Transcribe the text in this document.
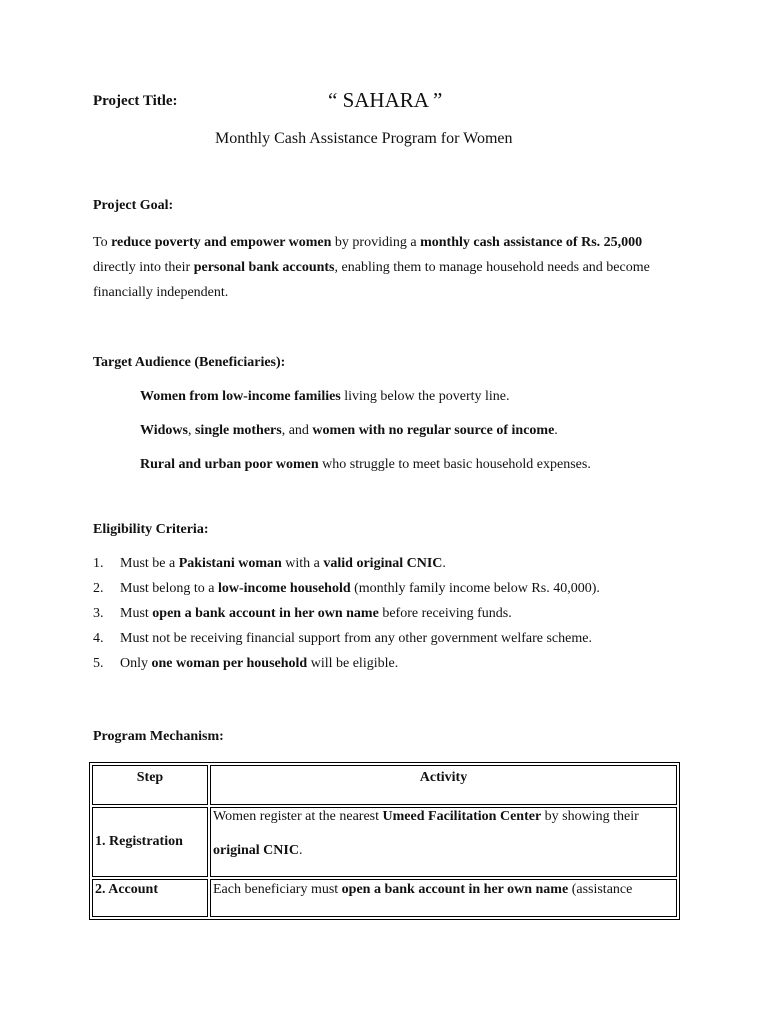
Project Title:	“ SAHARA ”
Monthly Cash Assistance Program for Women
Project Goal:
To reduce poverty and empower women by providing a monthly cash assistance of Rs. 25,000 directly into their personal bank accounts, enabling them to manage household needs and become financially independent.
Target Audience (Beneficiaries):
Women from low-income families living below the poverty line.
Widows, single mothers, and women with no regular source of income.
Rural and urban poor women who struggle to meet basic household expenses.
Eligibility Criteria:
1. Must be a Pakistani woman with a valid original CNIC.
2. Must belong to a low-income household (monthly family income below Rs. 40,000).
3. Must open a bank account in her own name before receiving funds.
4. Must not be receiving financial support from any other government welfare scheme.
5. Only one woman per household will be eligible.
Program Mechanism:
Step	Activity
1. Registration	Women register at the nearest Umeed Facilitation Center by showing their original CNIC.

2. Account	Each beneficiary must open a bank account in her own name (assistance
